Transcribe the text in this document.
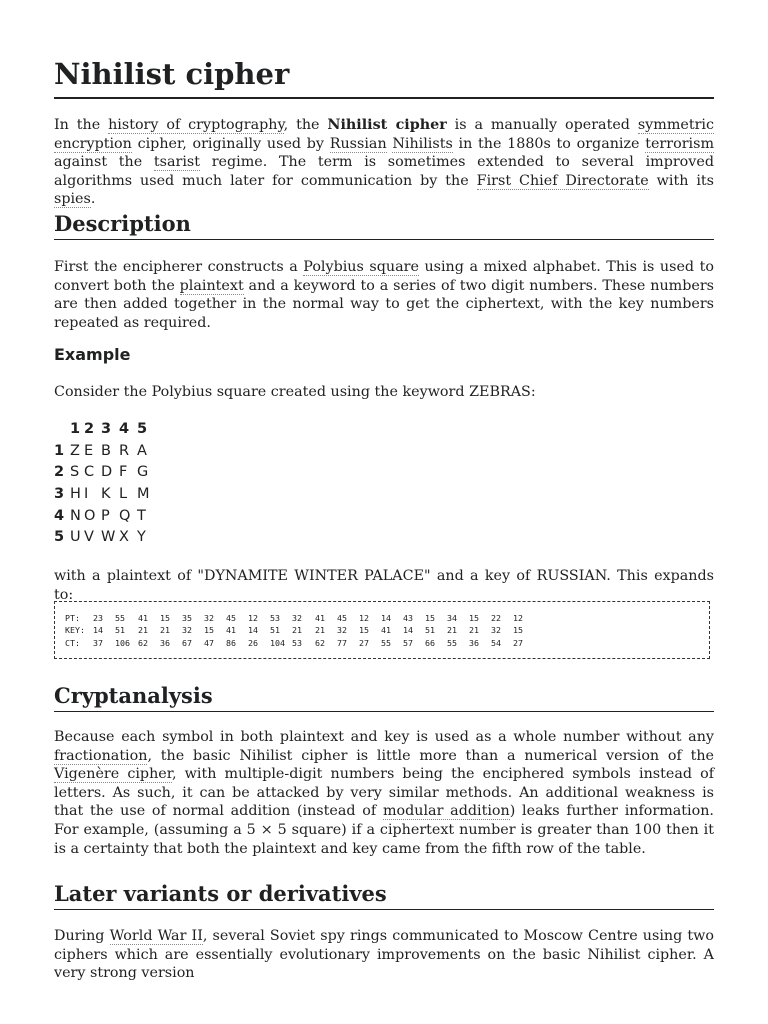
Nihilist cipher

In the history of cryptography, the Nihilist cipher is a manually operated symmetric encryption cipher, originally used by Russian Nihilists in the 1880s to organize terrorism against the tsarist regime. The term is sometimes extended to several improved algorithms used much later for communication by the First Chief Directorate with its spies.

Description

First the encipherer constructs a Polybius square using a mixed alphabet. This is used to convert both the plaintext and a keyword to a series of two digit numbers. These numbers are then added together in the normal way to get the ciphertext, with the key numbers repeated as required.

Example

Consider the Polybius square created using the keyword ZEBRAS:

1 2 3 4 5
1 Z E B R A
2 S C D F G
3 H I K L M
4 N O P Q T
5 U V W X Y

with a plaintext of "DYNAMITE WINTER PALACE" and a key of RUSSIAN. This expands to:

PT:	23	55	41	15	35	32	45	12	53	32	41	45	12	14	43	15	34	15	22	12
KEY: 14	51	21	21	32	15	41	14	51	21	21	32	15	41	14	51	21	21	32	15
CT:	37	106 62	36	67	47	86	26	104 53	62	77	27	55	57	66	55	36	54	27
Cryptanalysis

Because each symbol in both plaintext and key is used as a whole number without any fractionation, the basic Nihilist cipher is little more than a numerical version of the Vigenère cipher, with multiple-digit numbers being the enciphered symbols instead of letters. As such, it can be attacked by very similar methods. An additional weakness is that the use of normal addition (instead of modular addition) leaks further information. For example, (assuming a 5 × 5 square) if a ciphertext number is greater than 100 then it is a certainty that both the plaintext and key came from the fifth row of the table.

Later variants or derivatives

During World War II, several Soviet spy rings communicated to Moscow Centre using two ciphers which are essentially evolutionary improvements on the basic Nihilist cipher. A very strong version
